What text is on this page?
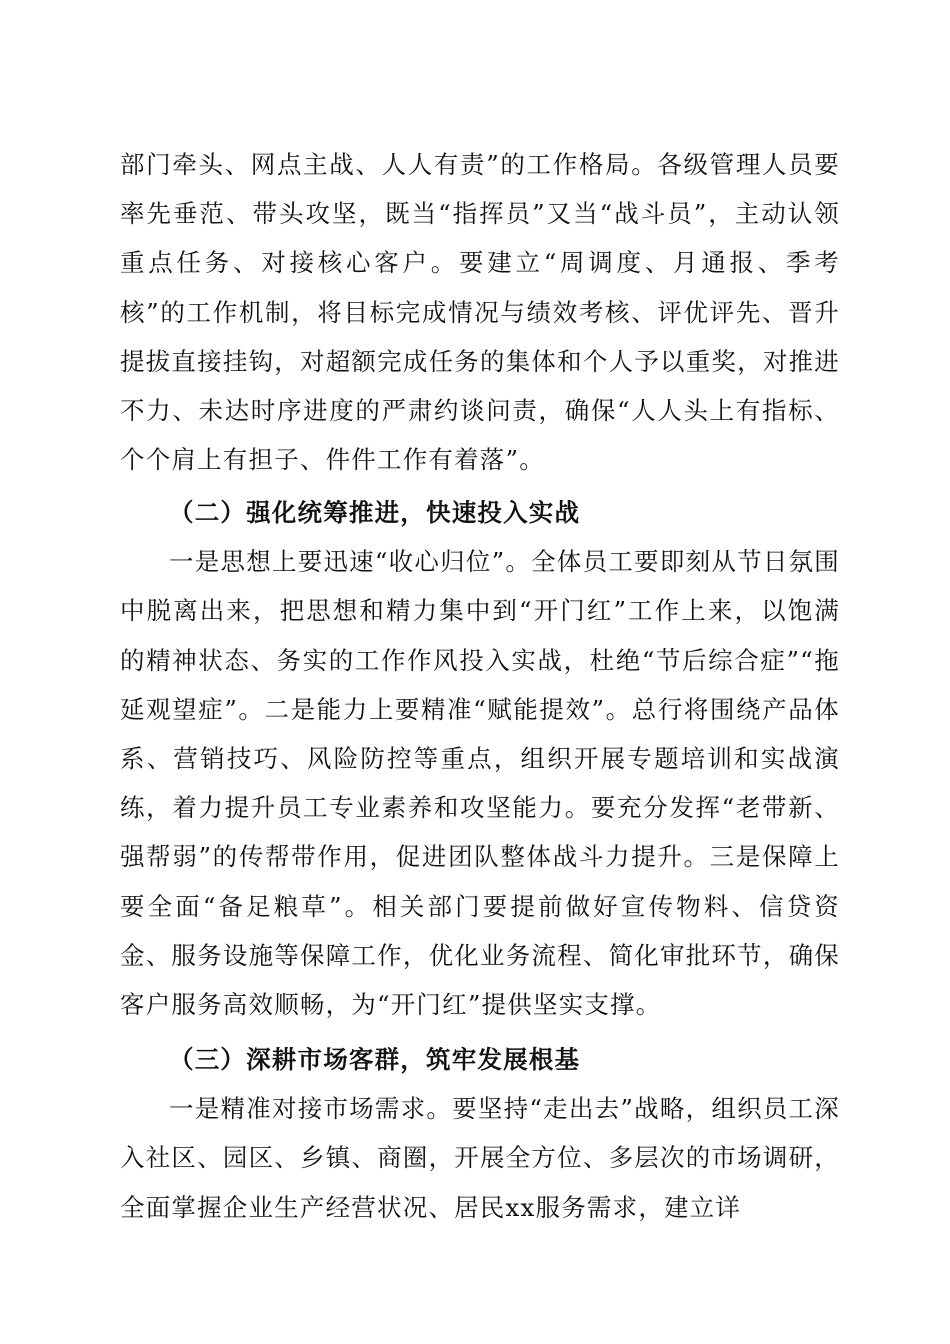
部门牵头、网点主战、人人有责”的工作格局。各级管理人员要率先垂范、带头攻坚，既当“指挥员”又当“战斗员”，主动认领重点任务、对接核心客户。要建立“周调度、月通报、季考核”的工作机制，将目标完成情况与绩效考核、评优评先、晋升提拔直接挂钩，对超额完成任务的集体和个人予以重奖，对推进不力、未达时序进度的严肃约谈问责，确保“人人头上有指标、个个肩上有担子、件件工作有着落”。

（二）强化统筹推进，快速投入实战

一是思想上要迅速“收心归位”。全体员工要即刻从节日氛围中脱离出来，把思想和精力集中到“开门红”工作上来，以饱满的精神状态、务实的工作作风投入实战，杜绝“节后综合症”“拖延观望症”。二是能力上要精准“赋能提效”。总行将围绕产品体系、营销技巧、风险防控等重点，组织开展专题培训和实战演练，着力提升员工专业素养和攻坚能力。要充分发挥“老带新、强帮弱”的传帮带作用，促进团队整体战斗力提升。三是保障上要全面“备足粮草”。相关部门要提前做好宣传物料、信贷资金、服务设施等保障工作，优化业务流程、简化审批环节，确保客户服务高效顺畅，为“开门红”提供坚实支撑。

（三）深耕市场客群，筑牢发展根基

一是精准对接市场需求。要坚持“走出去”战略，组织员工深入社区、园区、乡镇、商圈，开展全方位、多层次的市场调研，全面掌握企业生产经营状况、居民xx服务需求，建立详
